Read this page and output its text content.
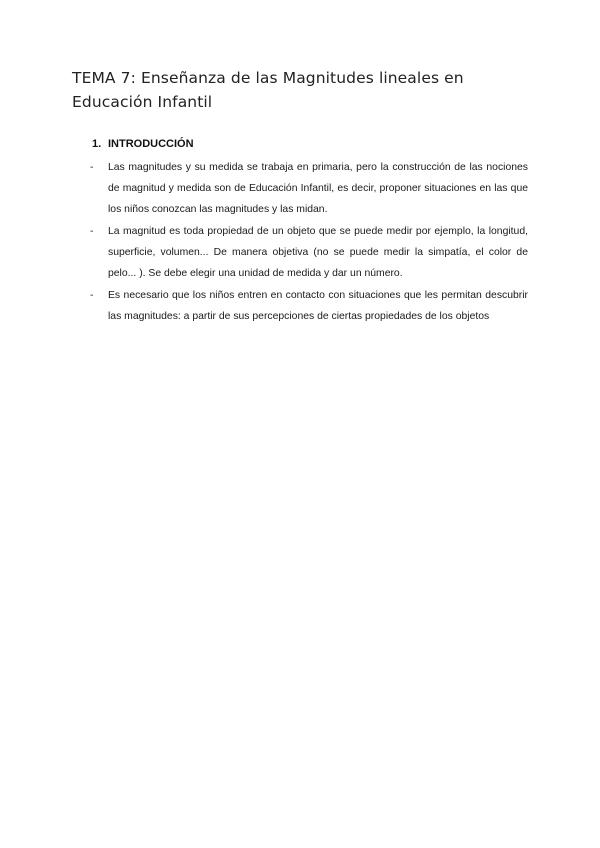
TEMA 7: Enseñanza de las Magnitudes lineales en Educación Infantil
1. INTRODUCCIÓN
- Las magnitudes y su medida se trabaja en primaria, pero la construcción de las nociones de magnitud y medida son de Educación Infantil, es decir, proponer situaciones en las que los niños conozcan las magnitudes y las midan.
- La magnitud es toda propiedad de un objeto que se puede medir por ejemplo, la longitud, superficie, volumen... De manera objetiva (no se puede medir la simpatía, el color de pelo... ). Se debe elegir una unidad de medida y dar un número.
- Es necesario que los niños entren en contacto con situaciones que les permitan descubrir las magnitudes: a partir de sus percepciones de ciertas propiedades de los objetos
